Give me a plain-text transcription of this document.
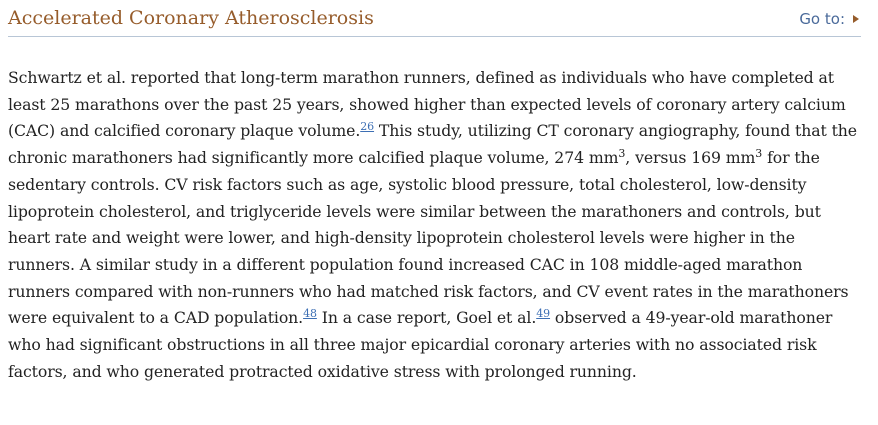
Accelerated Coronary Atherosclerosis	Go to:

Schwartz et al. reported that long-term marathon runners, defined as individuals who have completed at least 25 marathons over the past 25 years, showed higher than expected levels of coronary artery calcium (CAC) and calcified coronary plaque volume.$^{26}$ This study, utilizing CT coronary angiography, found that the chronic marathoners had significantly more calcified plaque volume, 274 $mm^3$, versus 169 $mm^3$ for the sedentary controls. CV risk factors such as age, systolic blood pressure, total cholesterol, low-density lipoprotein cholesterol, and triglyceride levels were similar between the marathoners and controls, but heart rate and weight were lower, and high-density lipoprotein cholesterol levels were higher in the runners. A similar study in a different population found increased CAC in 108 middle-aged marathon runners compared with non-runners who had matched risk factors, and CV event rates in the marathoners were equivalent to a CAD population.$^{48}$ In a case report, Goel et al.$^{49}$ observed a 49-year-old marathoner who had significant obstructions in all three major epicardial coronary arteries with no associated risk factors, and who generated protracted oxidative stress with prolonged running.
